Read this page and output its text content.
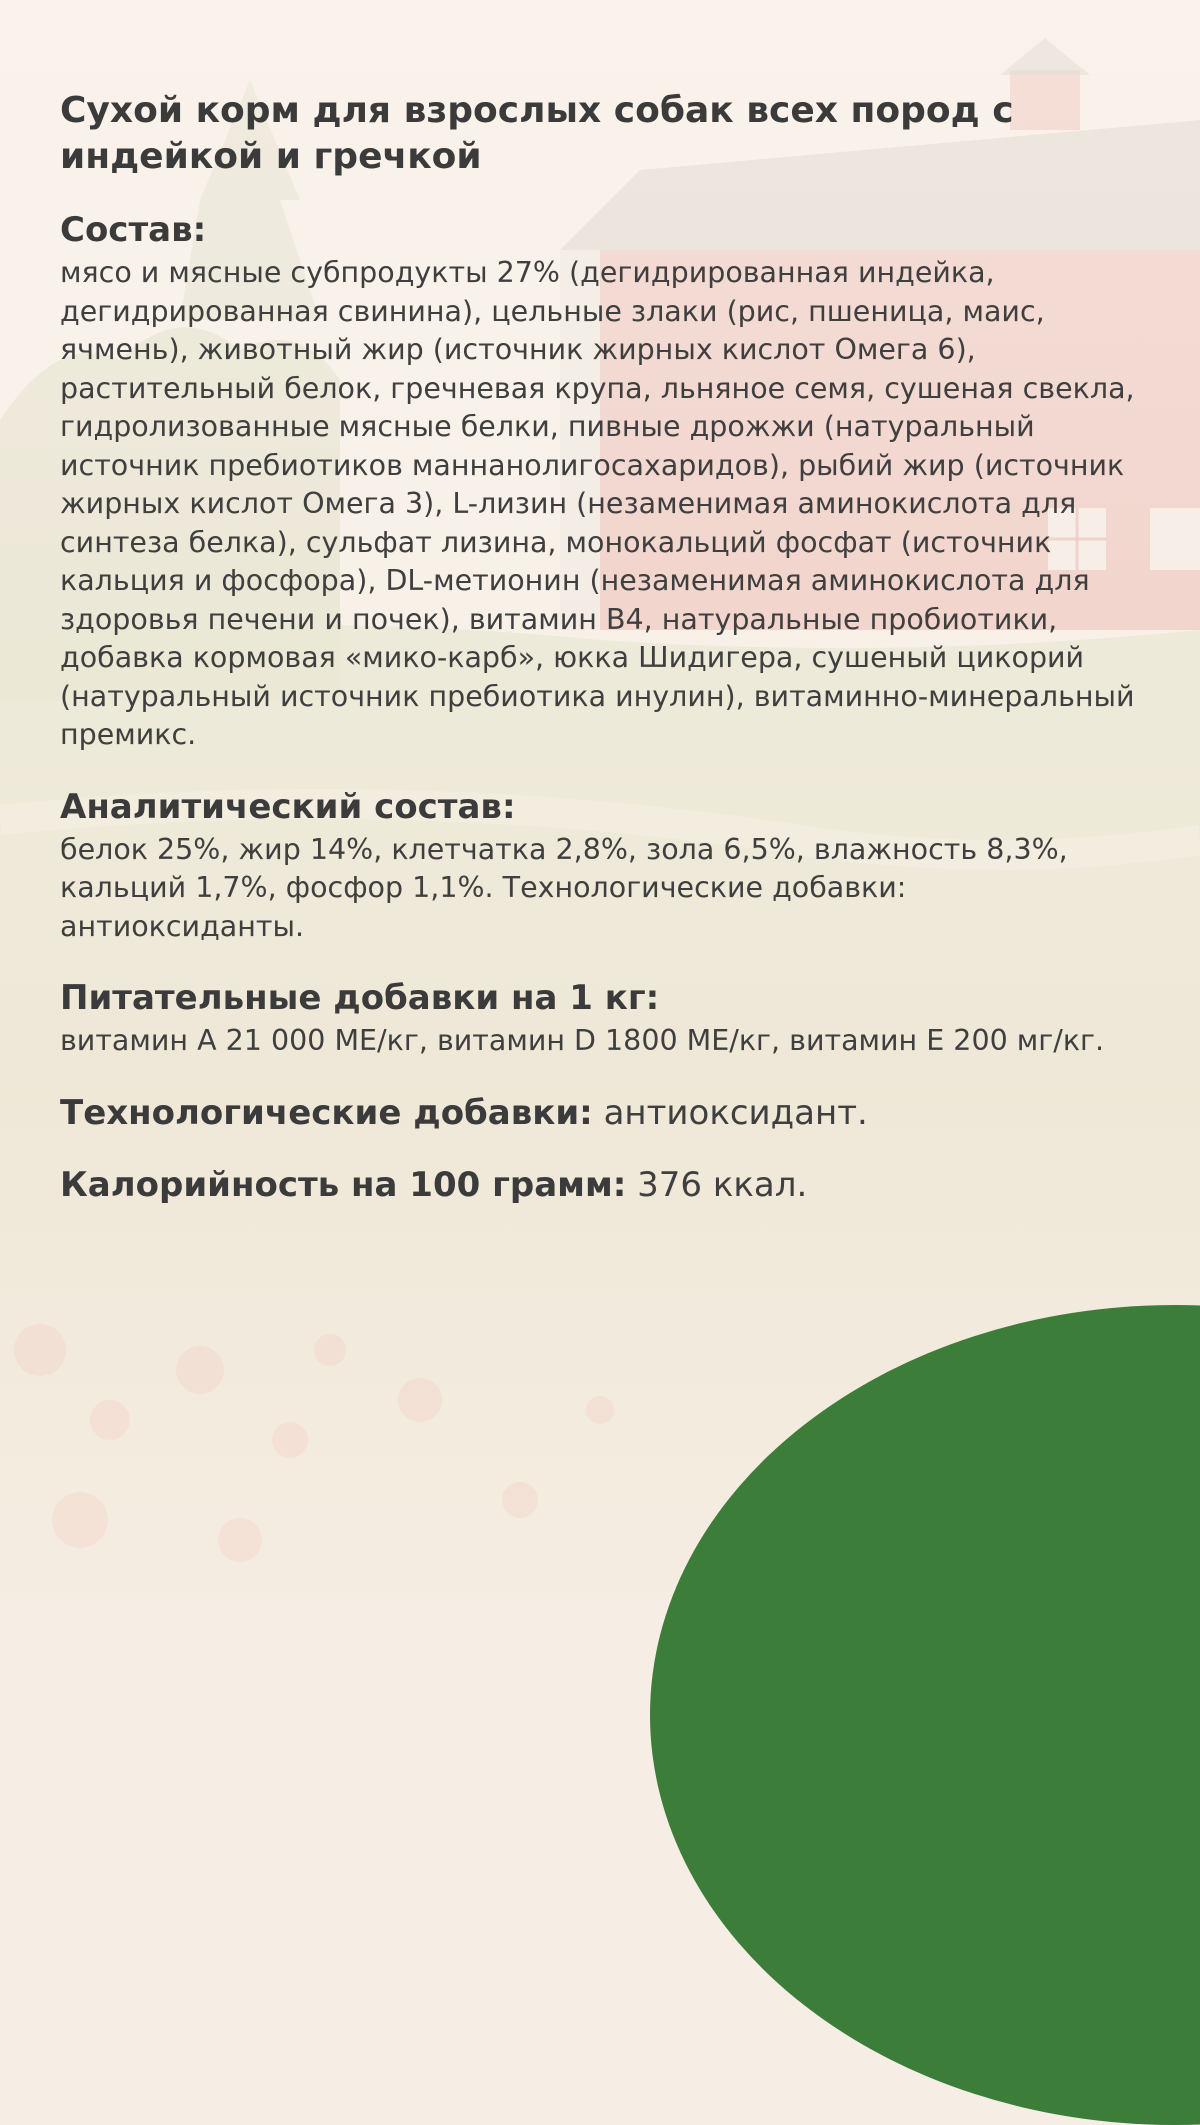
Сухой корм для взрослых собак всех пород с индейкой и гречкой
Состав:

мясо и мясные субпродукты 27% (дегидрированная индейка, дегидрированная свинина), цельные злаки (рис, пшеница, маис, ячмень), животный жир (источник жирных кислот Омега 6), растительный белок, гречневая крупа, льняное семя, сушеная свекла, гидролизованные мясные белки, пивные дрожжи (натуральный источник пребиотиков маннанолигосахаридов), рыбий жир (источник жирных кислот Омега 3), L-лизин (незаменимая аминокислота для синтеза белка), сульфат лизина, монокальций фосфат (источник кальция и фосфора), DL-метионин (незаменимая аминокислота для здоровья печени и почек), витамин В4, натуральные пробиотики, добавка кормовая «мико-карб», юкка Шидигера, сушеный цикорий (натуральный источник пребиотика инулин), витаминно-минеральный премикс.

Аналитический состав:

белок 25%, жир 14%, клетчатка 2,8%, зола 6,5%, влажность 8,3%, кальций 1,7%, фосфор 1,1%. Технологические добавки: антиоксиданты.

Питательные добавки на 1 кг:

витамин А 21 000 МЕ/кг, витамин D 1800 МЕ/кг, витамин Е 200 мг/кг.

Технологические добавки: антиоксидант.

Калорийность на 100 грамм: 376 ккал.
